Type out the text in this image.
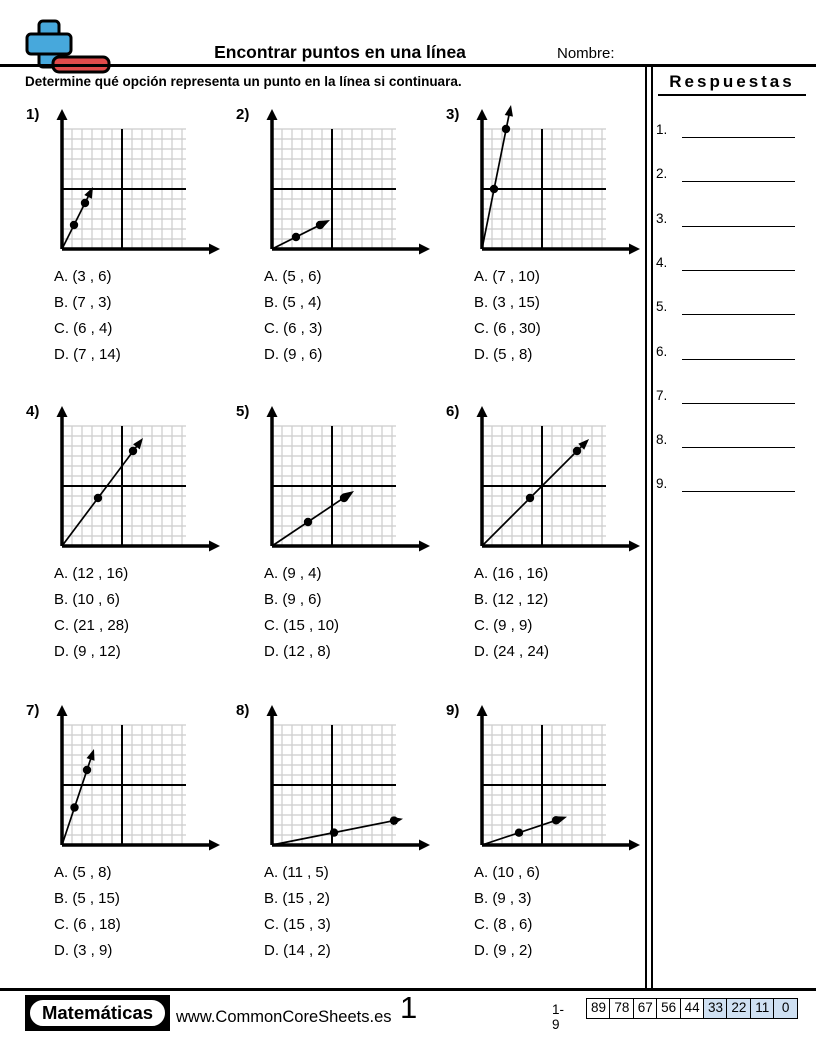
Encontrar puntos en una línea	Nombre:
Determine qué opción representa un punto en la línea si continuara.	Respuestas
1.
2.
3.
4.
5.
6.
7.
8.
9.
1)
A. (3 , 6)
B. (7 , 3)
C. (6 , 4)
D. (7 , 14)
2)
A. (5 , 6)
B. (5 , 4)
C. (6 , 3)
D. (9 , 6)
3)
A. (7 , 10)
B. (3 , 15)
C. (6 , 30)
D. (5 , 8)
4)
A. (12 , 16)
B. (10 , 6)
C. (21 , 28)
D. (9 , 12)
5)
A. (9 , 4)
B. (9 , 6)
C. (15 , 10)
D. (12 , 8)
6)
A. (16 , 16)
B. (12 , 12)
C. (9 , 9)
D. (24 , 24)
7)
A. (5 , 8)
B. (5 , 15)
C. (6 , 18)
D. (3 , 9)
8)
A. (11 , 5)
B. (15 , 2)
C. (15 , 3)
D. (14 , 2)
9)
A. (10 , 6)
B. (9 , 3)
C. (8 , 6)
D. (9 , 2)
Matemáticas	www.CommonCoreSheets.es 1	1-9
89 78 67 56 44 33 22 11 0
